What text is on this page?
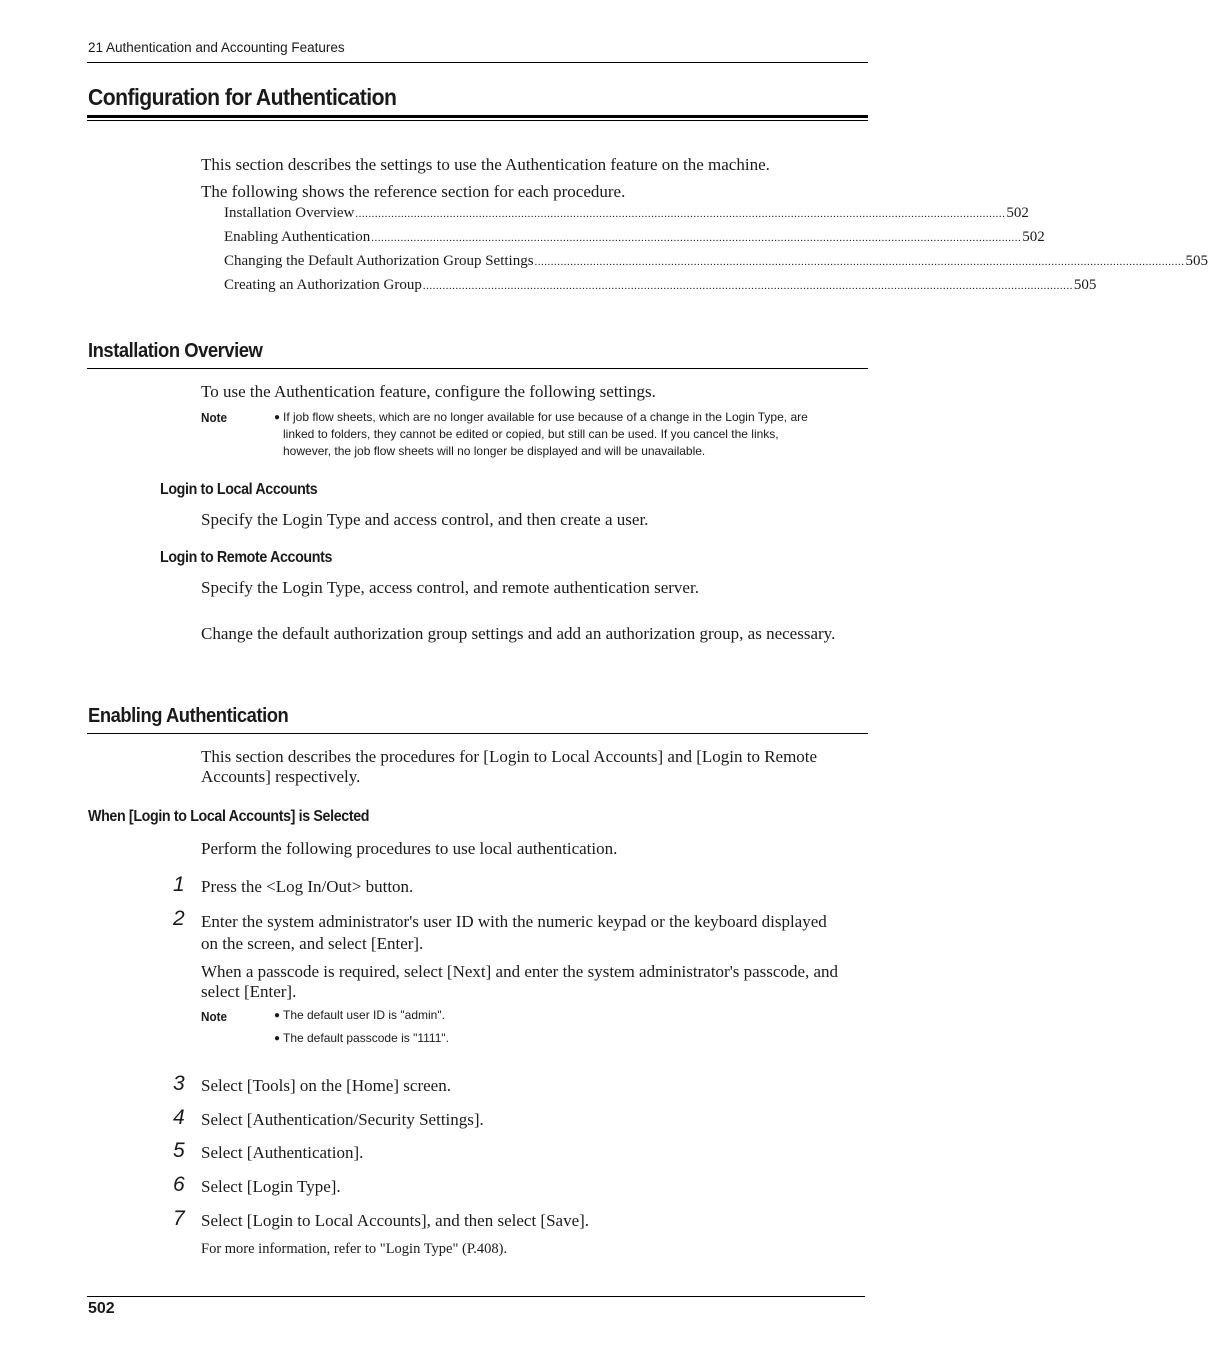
21 Authentication and Accounting Features
Configuration for Authentication
This section describes the settings to use the Authentication feature on the machine.
The following shows the reference section for each procedure.
Installation Overview ........................................................................................................................................................................................................ 502
Enabling Authentication ........................................................................................................................................................................................................ 502
Changing the Default Authorization Group Settings ........................................................................................................................................................................................................ 505
Creating an Authorization Group ........................................................................................................................................................................................................ 505
Installation Overview
To use the Authentication feature, configure the following settings.
Note	● If job flow sheets, which are no longer available for use because of a change in the Login Type, are
linked to folders, they cannot be edited or copied, but still can be used. If you cancel the links,
however, the job flow sheets will no longer be displayed and will be unavailable.
Login to Local Accounts
Specify the Login Type and access control, and then create a user.
Login to Remote Accounts
Specify the Login Type, access control, and remote authentication server.
Change the default authorization group settings and add an authorization group, as necessary.
Enabling Authentication
This section describes the procedures for [Login to Local Accounts] and [Login to Remote Accounts] respectively.
When [Login to Local Accounts] is Selected
Perform the following procedures to use local authentication.
1 Press the <Log In/Out> button.
2 Enter the system administrator's user ID with the numeric keypad or the keyboard displayed on the screen, and select [Enter].
When a passcode is required, select [Next] and enter the system administrator's passcode, and select [Enter].
Note	● The default user ID is "admin".
● The default passcode is "1111".
3 Select [Tools] on the [Home] screen.
4 Select [Authentication/Security Settings].
5 Select [Authentication].
6 Select [Login Type].
7 Select [Login to Local Accounts], and then select [Save].
For more information, refer to "Login Type" (P.408).
502
